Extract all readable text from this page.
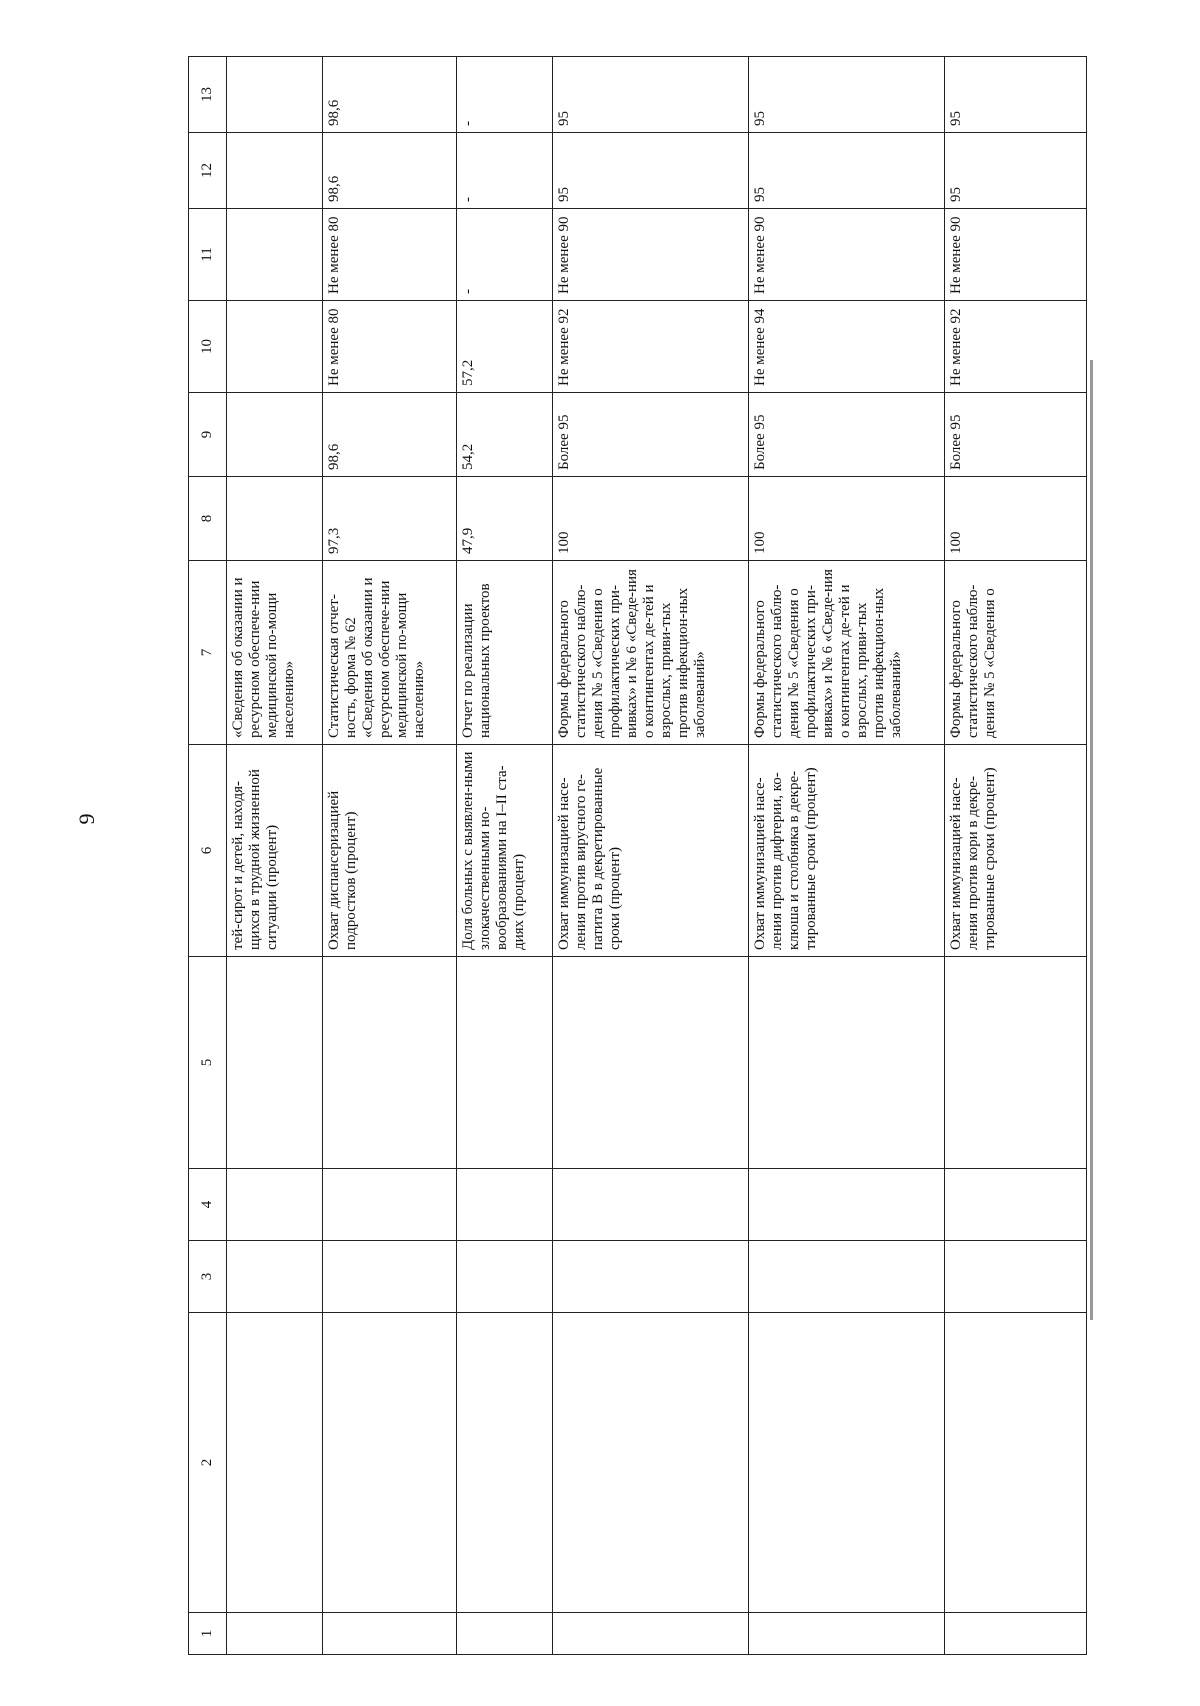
9
1	2	3	4	5	6	7	8	9	10	11	12	13
					тей-сирот и детей, находя-щихся в трудной жизненной ситуации (процент)	«Сведения об оказании и ресурсном обеспече-нии медицинской по-мощи населению»						
					Охват диспансеризацией подростков (процент)	Статистическая отчет-ность, форма № 62 «Сведения об оказании и ресурсном обеспече-нии медицинской по-мощи населению»	97,3	98,6	Не менее 80	Не менее 80	98,6	98,6
					Доля больных с выявлен-ными злокачественными но-вообразованиями на I–II ста-диях (процент)	Отчет по реализации национальных проектов	47,9	54,2	57,2	-	-	-
					Охват иммунизацией насе-ления против вирусного ге-патита В в декретированные сроки (процент)	Формы федерального статистического наблю-дения № 5 «Сведения о профилактических при-вивках» и № 6 «Сведе-ния о контингентах де-тей и взрослых, приви-тых против инфекцион-ных заболеваний»	100	Более 95	Не менее 92	Не менее 90	95	95
					Охват иммунизацией насе-ления против дифтерии, ко-клюша и столбняка в декре-тированные сроки (процент)	Формы федерального статистического наблю-дения № 5 «Сведения о профилактических при-вивках» и № 6 «Сведе-ния о контингентах де-тей и взрослых, приви-тых против инфекцион-ных заболеваний»	100	Более 95	Не менее 94	Не менее 90	95	95
					Охват иммунизацией насе-ления против кори в декре-тированные сроки (процент)	Формы федерального статистического наблю-дения № 5 «Сведения о	100	Более 95	Не менее 92	Не менее 90	95	95
